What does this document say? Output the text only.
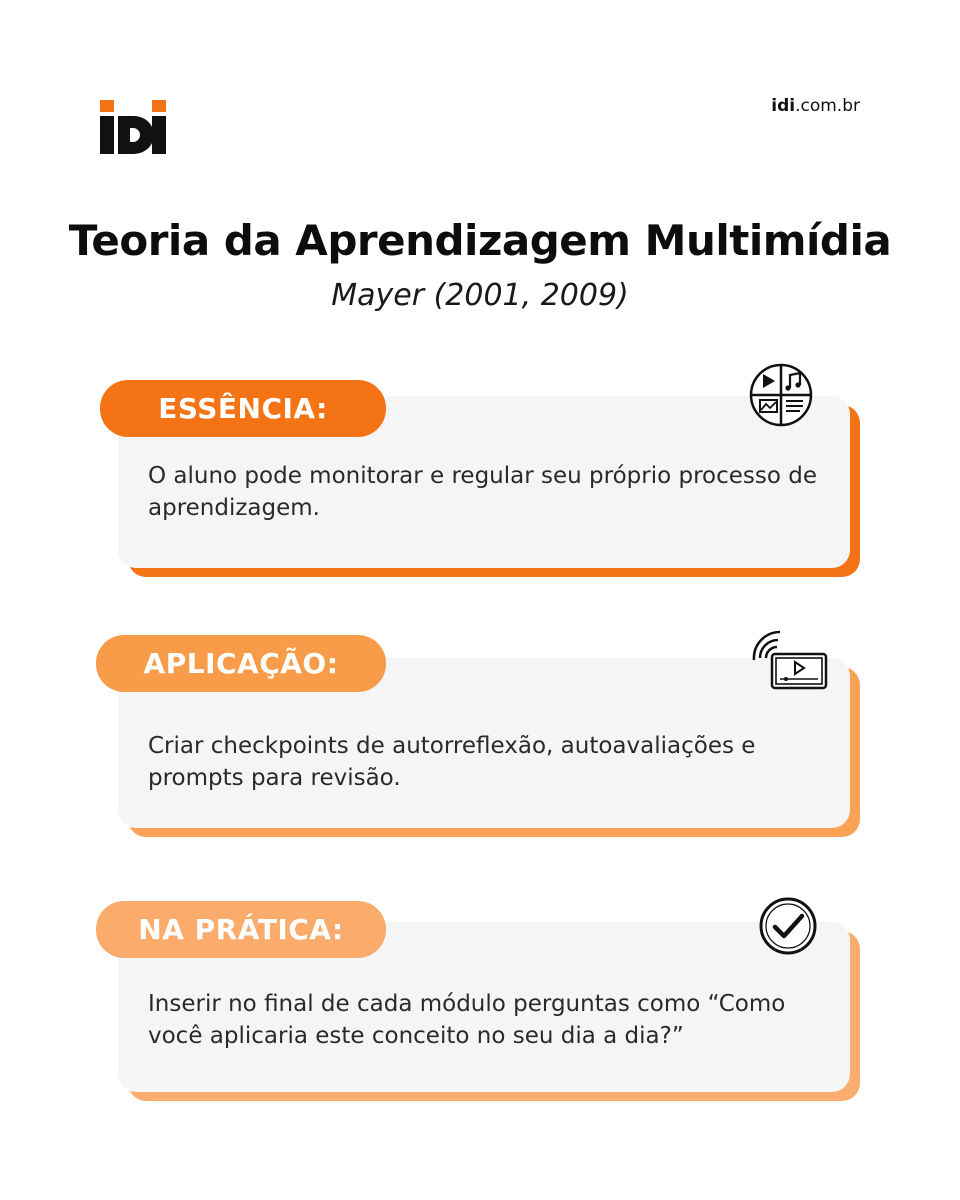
idi.com.br
Teoria da Aprendizagem Multimídia
Mayer (2001, 2009)
ESSÊNCIA:
O aluno pode monitorar e regular seu próprio processo de aprendizagem.
APLICAÇÃO:
Criar checkpoints de autorreflexão, autoavaliações e prompts para revisão.
NA PRÁTICA:
Inserir no final de cada módulo perguntas como “Como você aplicaria este conceito no seu dia a dia?”
